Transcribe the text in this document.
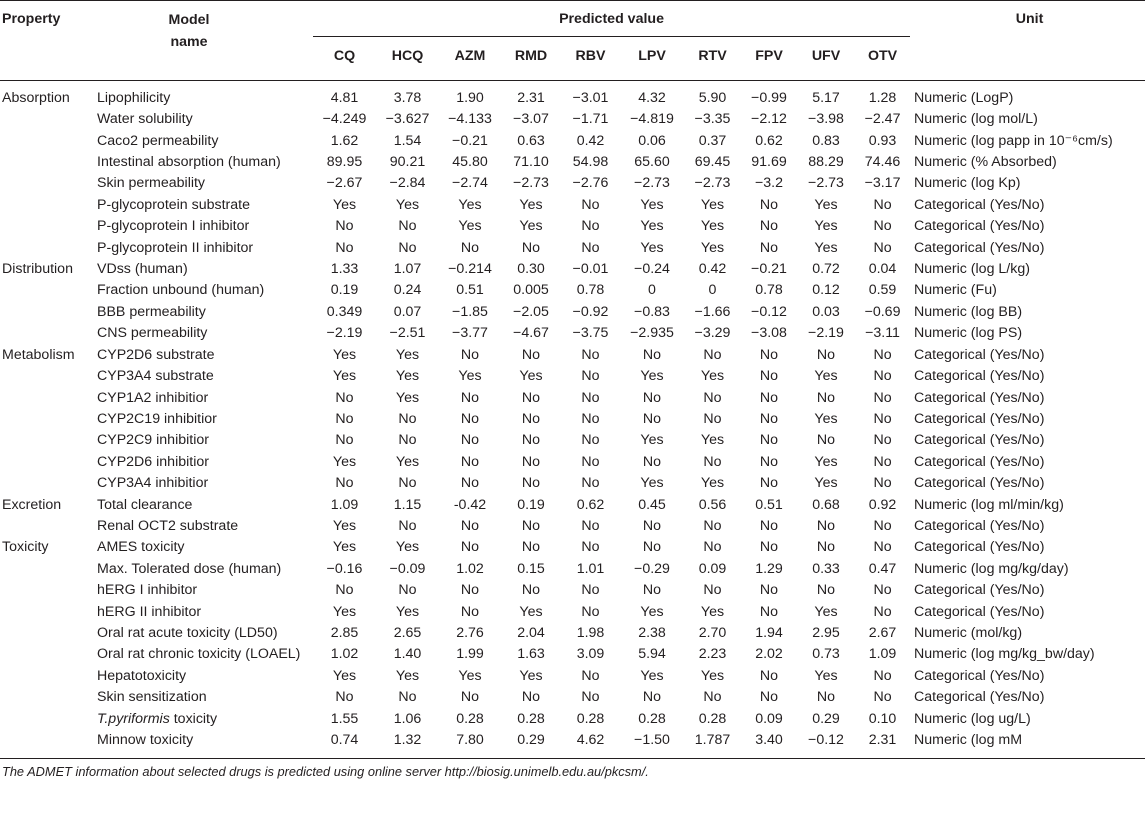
Property	Model name	Predicted value										Unit
		CQ	HCQ	AZM	RMD	RBV	LPV	RTV	FPV	UFV	OTV	
Absorption	Lipophilicity	4.81	3.78	1.90	2.31	−3.01	4.32	5.90	−0.99	5.17	1.28	Numeric (LogP)
	Water solubility	−4.249	−3.627	−4.133	−3.07	−1.71	−4.819	−3.35	−2.12	−3.98	−2.47	Numeric (log mol/L)
	Caco2 permeability	1.62	1.54	−0.21	0.63	0.42	0.06	0.37	0.62	0.83	0.93	Numeric (log papp in 10⁻⁶cm/s)
	Intestinal absorption (human)	89.95	90.21	45.80	71.10	54.98	65.60	69.45	91.69	88.29	74.46	Numeric (% Absorbed)
	Skin permeability	−2.67	−2.84	−2.74	−2.73	−2.76	−2.73	−2.73	−3.2	−2.73	−3.17	Numeric (log Kp)
	P-glycoprotein substrate	Yes	Yes	Yes	Yes	No	Yes	Yes	No	Yes	No	Categorical (Yes/No)
	P-glycoprotein I inhibitor	No	No	Yes	Yes	No	Yes	Yes	No	Yes	No	Categorical (Yes/No)
	P-glycoprotein II inhibitor	No	No	No	No	No	Yes	Yes	No	Yes	No	Categorical (Yes/No)
Distribution	VDss (human)	1.33	1.07	−0.214	0.30	−0.01	−0.24	0.42	−0.21	0.72	0.04	Numeric (log L/kg)
	Fraction unbound (human)	0.19	0.24	0.51	0.005	0.78	0	0	0.78	0.12	0.59	Numeric (Fu)
	BBB permeability	0.349	0.07	−1.85	−2.05	−0.92	−0.83	−1.66	−0.12	0.03	−0.69	Numeric (log BB)
	CNS permeability	−2.19	−2.51	−3.77	−4.67	−3.75	−2.935	−3.29	−3.08	−2.19	−3.11	Numeric (log PS)
Metabolism	CYP2D6 substrate	Yes	Yes	No	No	No	No	No	No	No	No	Categorical (Yes/No)
	CYP3A4 substrate	Yes	Yes	Yes	Yes	No	Yes	Yes	No	Yes	No	Categorical (Yes/No)
	CYP1A2 inhibitior	No	Yes	No	No	No	No	No	No	No	No	Categorical (Yes/No)
	CYP2C19 inhibitior	No	No	No	No	No	No	No	No	Yes	No	Categorical (Yes/No)
	CYP2C9 inhibitior	No	No	No	No	No	Yes	Yes	No	No	No	Categorical (Yes/No)
	CYP2D6 inhibitior	Yes	Yes	No	No	No	No	No	No	Yes	No	Categorical (Yes/No)
	CYP3A4 inhibitior	No	No	No	No	No	Yes	Yes	No	Yes	No	Categorical (Yes/No)
Excretion	Total clearance	1.09	1.15	-0.42	0.19	0.62	0.45	0.56	0.51	0.68	0.92	Numeric (log ml/min/kg)
	Renal OCT2 substrate	Yes	No	No	No	No	No	No	No	No	No	Categorical (Yes/No)
Toxicity	AMES toxicity	Yes	Yes	No	No	No	No	No	No	No	No	Categorical (Yes/No)
	Max. Tolerated dose (human)	−0.16	−0.09	1.02	0.15	1.01	−0.29	0.09	1.29	0.33	0.47	Numeric (log mg/kg/day)
	hERG I inhibitor	No	No	No	No	No	No	No	No	No	No	Categorical (Yes/No)
	hERG II inhibitor	Yes	Yes	No	Yes	No	Yes	Yes	No	Yes	No	Categorical (Yes/No)
	Oral rat acute toxicity (LD50)	2.85	2.65	2.76	2.04	1.98	2.38	2.70	1.94	2.95	2.67	Numeric (mol/kg)
	Oral rat chronic toxicity (LOAEL)	1.02	1.40	1.99	1.63	3.09	5.94	2.23	2.02	0.73	1.09	Numeric (log mg/kg_bw/day)
	Hepatotoxicity	Yes	Yes	Yes	Yes	No	Yes	Yes	No	Yes	No	Categorical (Yes/No)
	Skin sensitization	No	No	No	No	No	No	No	No	No	No	Categorical (Yes/No)
	T.pyriformis toxicity	1.55	1.06	0.28	0.28	0.28	0.28	0.28	0.09	0.29	0.10	Numeric (log ug/L)
	Minnow toxicity	0.74	1.32	7.80	0.29	4.62	−1.50	1.787	3.40	−0.12	2.31	Numeric (log mM
The ADMET information about selected drugs is predicted using online server http://biosig.unimelb.edu.au/pkcsm/.
